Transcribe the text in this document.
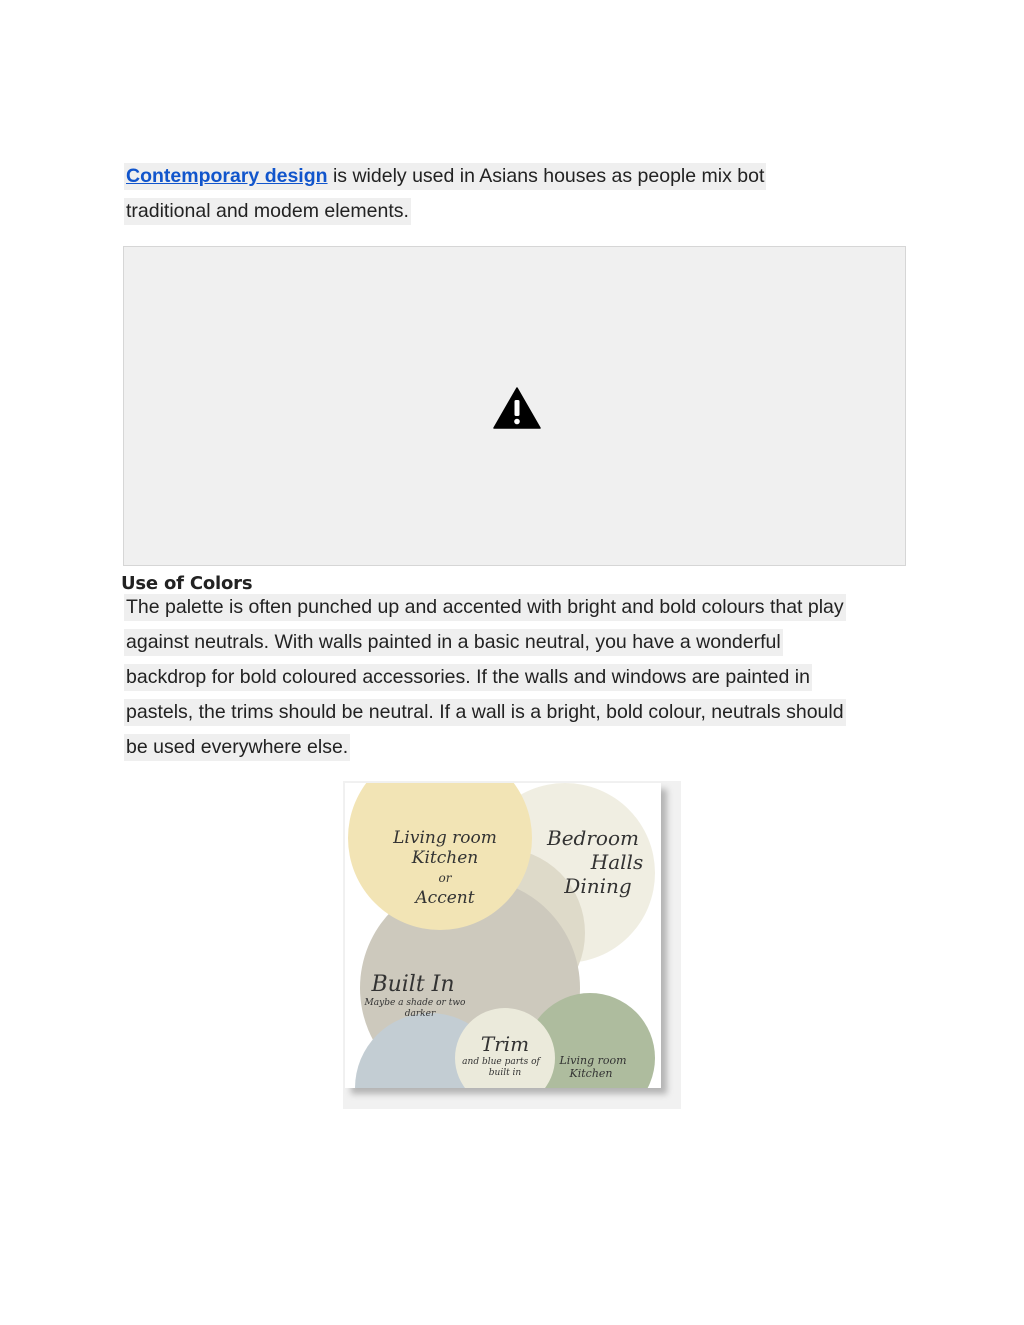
Contemporary design is widely used in Asians houses as people mix bot traditional and modem elements.

Use of Colors

The palette is often punched up and accented with bright and bold colours that play against neutrals. With walls painted in a basic neutral, you have a wonderful backdrop for bold coloured accessories. If the walls and windows are painted in pastels, the trims should be neutral. If a wall is a bright, bold colour, neutrals should be used everywhere else.

Living room
Kitchen
or
Accent
Bedroom
Halls
Dining
Built In
Maybe a shade or two
darker
Trim
and blue parts of
built in
Living room
Kitchen
